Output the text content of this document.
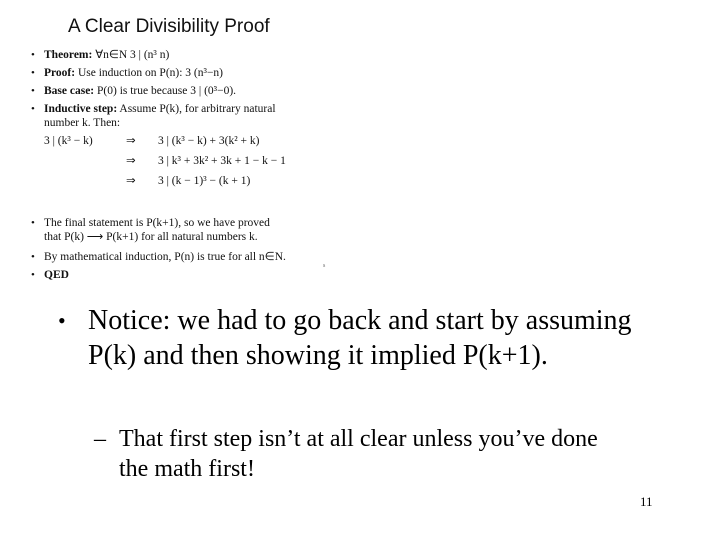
A Clear Divisibility Proof
• Theorem: ∀n∈N 3 | (n³ n)
• Proof: Use induction on P(n): 3 (n³−n)
• Base case: P(0) is true because 3 | (0³−0).
• Inductive step: Assume P(k), for arbitrary natural
number k. Then:
3 | (k³ − k)	⇒ 3 | (k³ − k) + 3(k² + k)
⇒ 3 | k³ + 3k² + 3k + 1 − k − 1
⇒ 3 | (k − 1)³ − (k + 1)
• The final statement is P(k+1), so we have proved
that P(k) ⟶ P(k+1) for all natural numbers k.
• By mathematical induction, P(n) is true for all n∈N.
• QED
s
• Notice: we had to go back and start by assuming P(k) and then showing it implied P(k+1).
– That first step isn’t at all clear unless you’ve done the math first!
11
